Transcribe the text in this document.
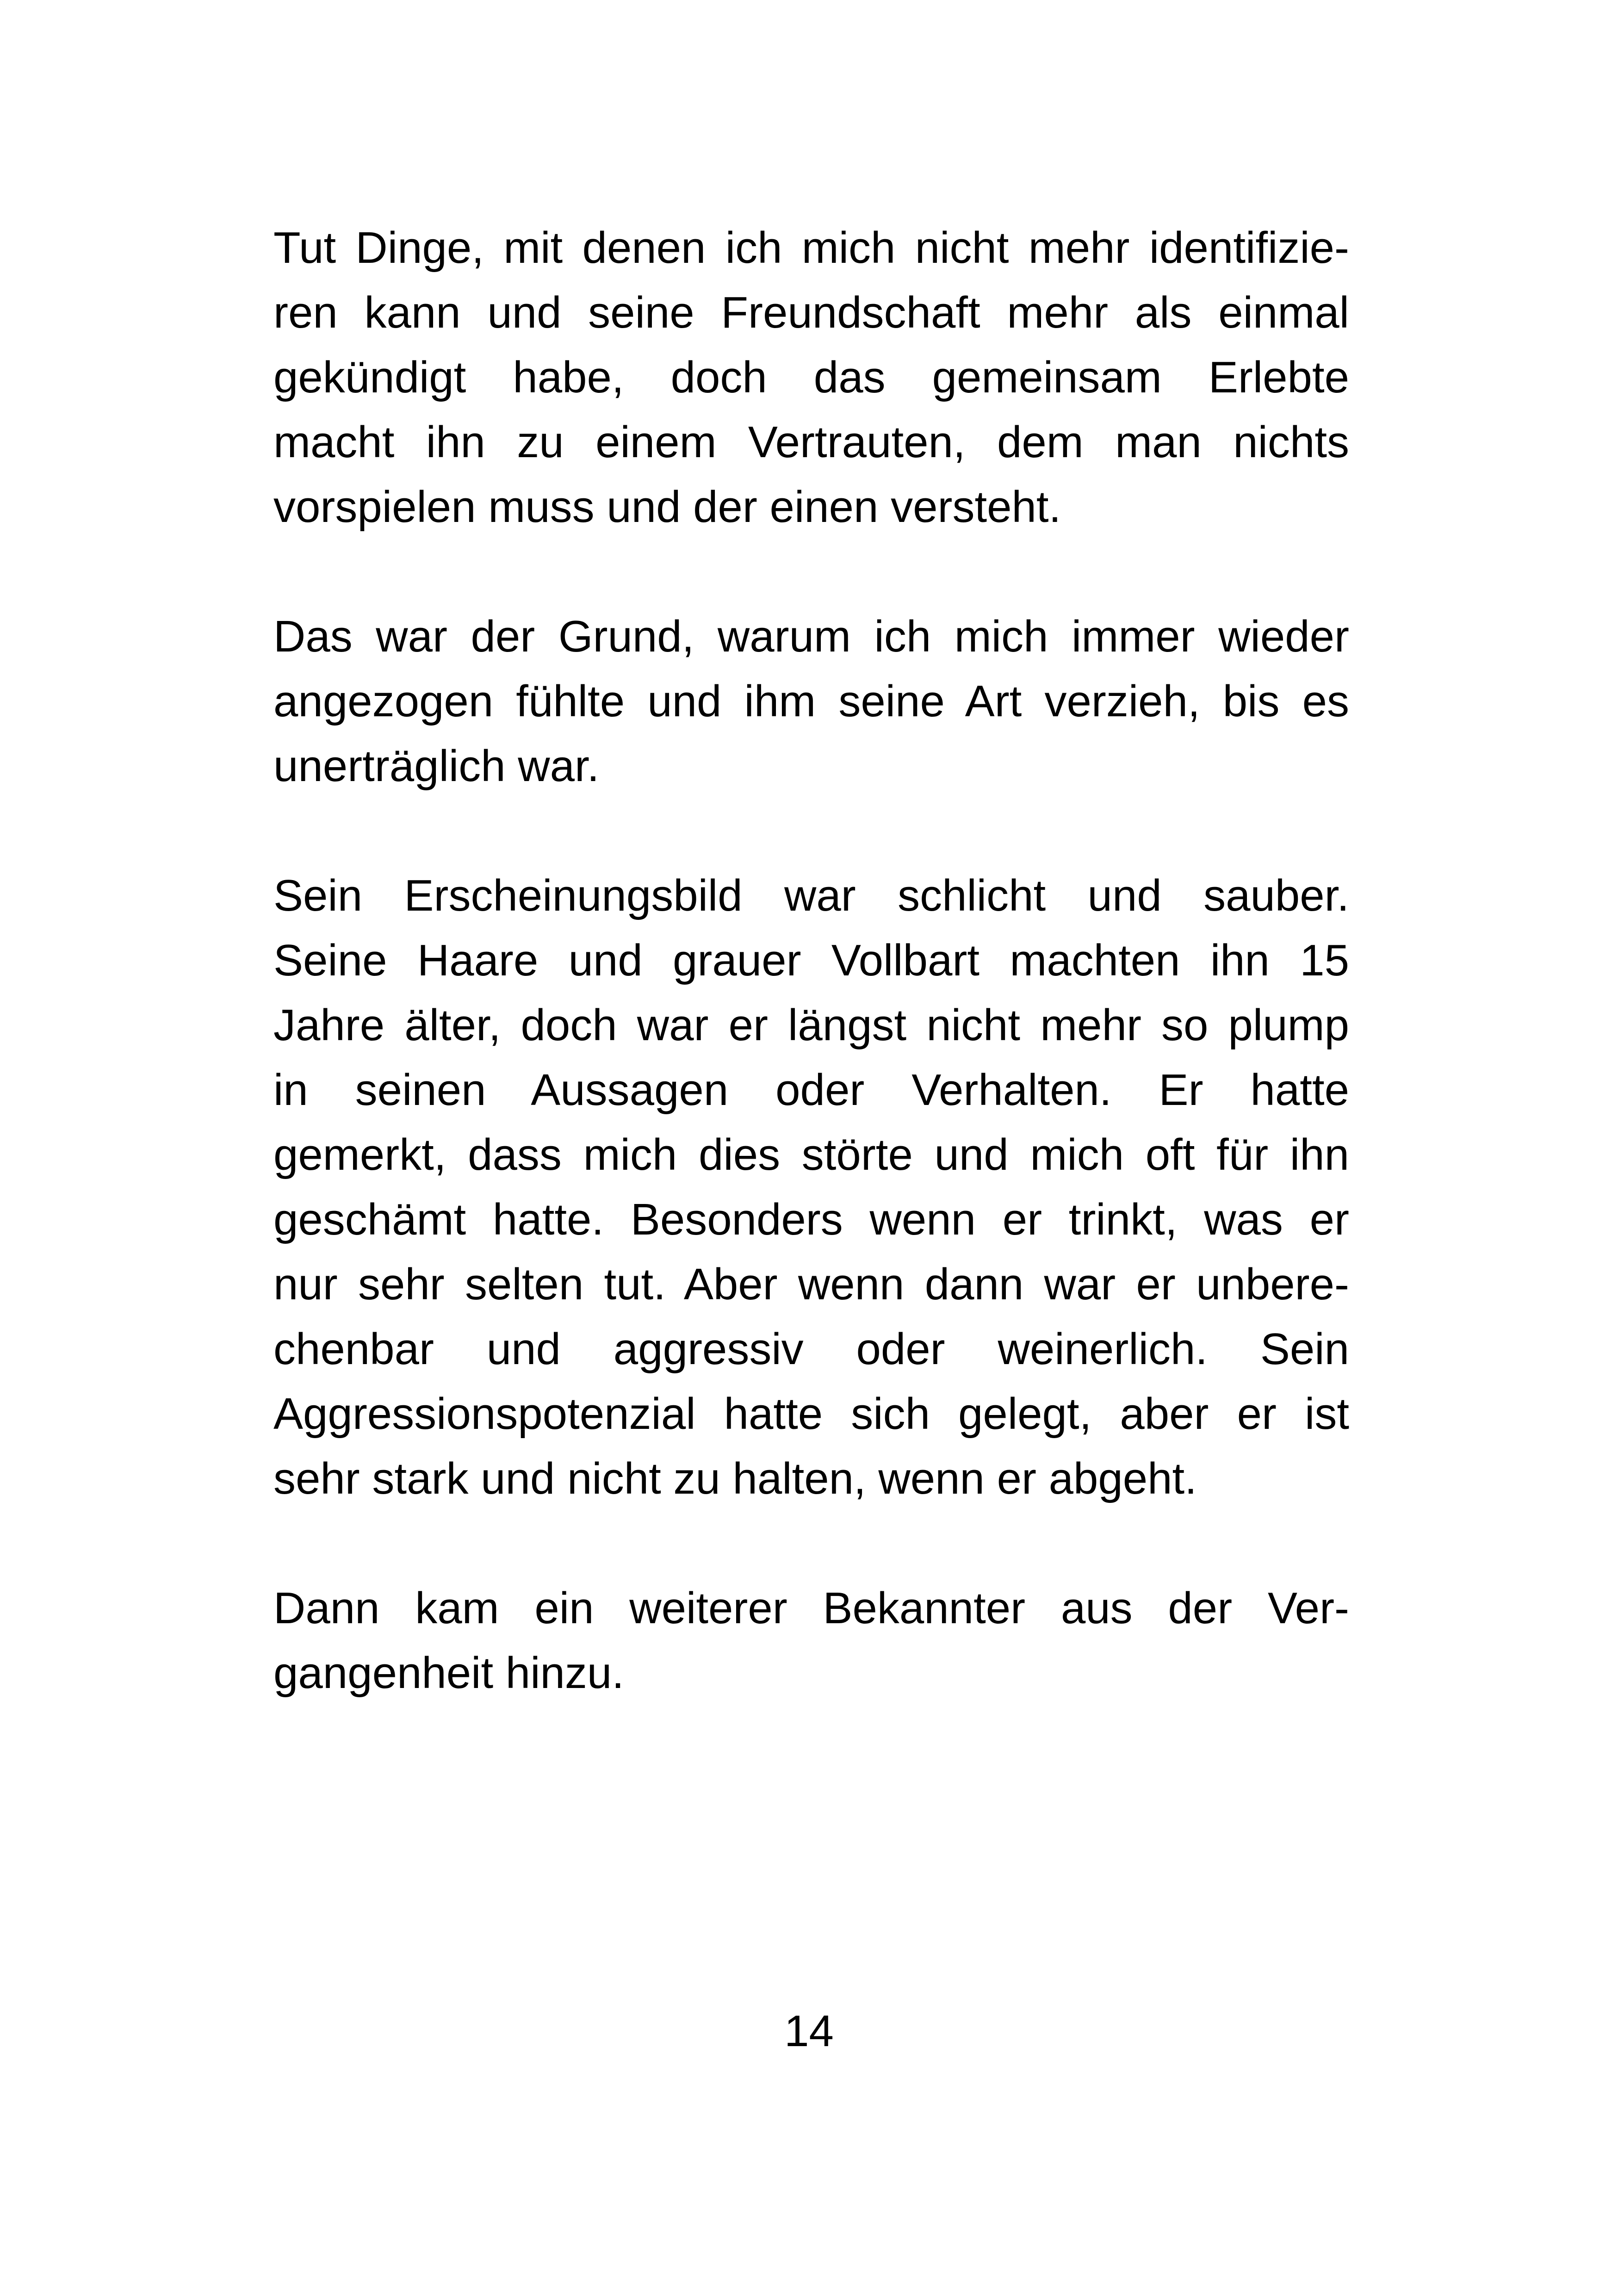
Tut Dinge, mit denen ich mich nicht mehr identifizie-
ren kann und seine Freundschaft mehr als einmal
gekündigt habe, doch das gemeinsam Erlebte
macht ihn zu einem Vertrauten, dem man nichts
vorspielen muss und der einen versteht.

Das war der Grund, warum ich mich immer wieder
angezogen fühlte und ihm seine Art verzieh, bis es
unerträglich war.

Sein Erscheinungsbild war schlicht und sauber.
Seine Haare und grauer Vollbart machten ihn 15
Jahre älter, doch war er längst nicht mehr so plump
in seinen Aussagen oder Verhalten. Er hatte
gemerkt, dass mich dies störte und mich oft für ihn
geschämt hatte. Besonders wenn er trinkt, was er
nur sehr selten tut. Aber wenn dann war er unbere-
chenbar und aggressiv oder weinerlich. Sein
Aggressionspotenzial hatte sich gelegt, aber er ist
sehr stark und nicht zu halten, wenn er abgeht.

Dann kam ein weiterer Bekannter aus der Ver-
gangenheit hinzu.

14
